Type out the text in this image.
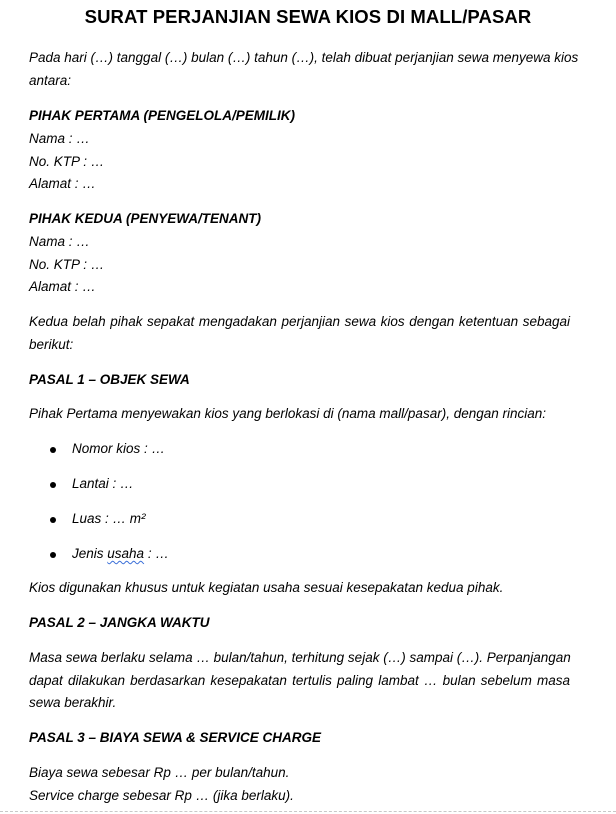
SURAT PERJANJIAN SEWA KIOS DI MALL/PASAR
Pada hari (…) tanggal (…) bulan (…) tahun (…), telah dibuat perjanjian sewa menyewa kios
antara:
PIHAK PERTAMA (PENGELOLA/PEMILIK)
Nama : …
No. KTP : …
Alamat : …
PIHAK KEDUA (PENYEWA/TENANT)
Nama : …
No. KTP : …
Alamat : …
Kedua belah pihak sepakat mengadakan perjanjian sewa kios dengan ketentuan sebagai
berikut:
PASAL 1 – OBJEK SEWA
Pihak Pertama menyewakan kios yang berlokasi di (nama mall/pasar), dengan rincian:
Nomor kios : …
Lantai : …
Luas : … m²
Jenis usaha : …
Kios digunakan khusus untuk kegiatan usaha sesuai kesepakatan kedua pihak.
PASAL 2 – JANGKA WAKTU
Masa sewa berlaku selama … bulan/tahun, terhitung sejak (…) sampai (…). Perpanjangan
dapat dilakukan berdasarkan kesepakatan tertulis paling lambat … bulan sebelum masa
sewa berakhir.
PASAL 3 – BIAYA SEWA & SERVICE CHARGE
Biaya sewa sebesar Rp … per bulan/tahun.
Service charge sebesar Rp … (jika berlaku).
